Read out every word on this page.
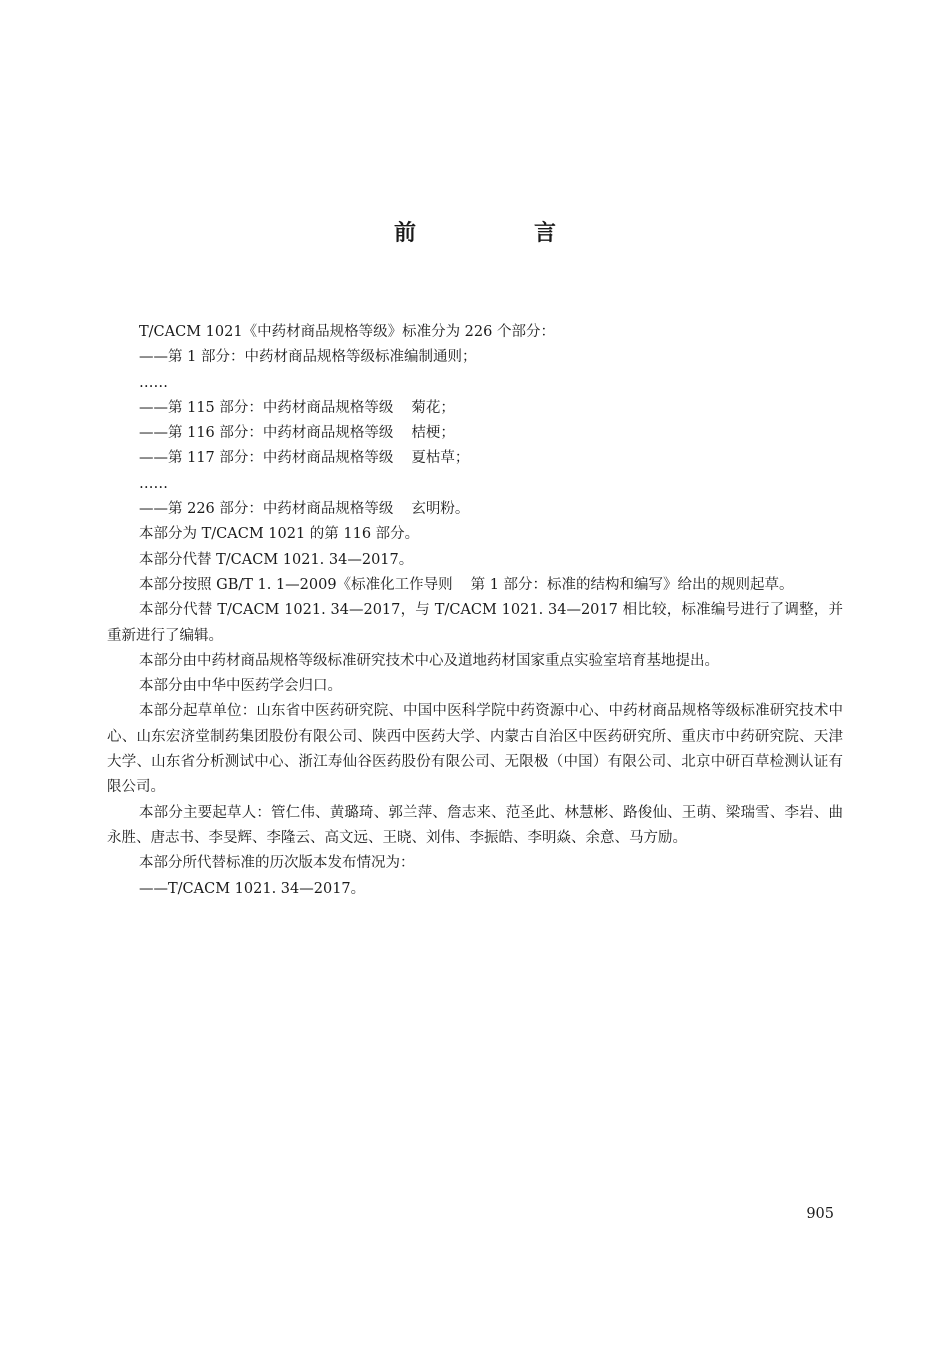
前　言

T/CACM 1021《中药材商品规格等级》标准分为 226 个部分：

——第 1 部分：中药材商品规格等级标准编制通则；

……

——第 115 部分：中药材商品规格等级 菊花；

——第 116 部分：中药材商品规格等级 桔梗；

——第 117 部分：中药材商品规格等级 夏枯草；

……

——第 226 部分：中药材商品规格等级 玄明粉。

本部分为 T/CACM 1021 的第 116 部分。

本部分代替 T/CACM 1021. 34—2017。

本部分按照 GB/T 1. 1—2009《标准化工作导则 第 1 部分：标准的结构和编写》给出的规则起草。

本部分代替 T/CACM 1021. 34—2017，与 T/CACM 1021. 34—2017 相比较，标准编号进行了调整，并重新进行了编辑。

本部分由中药材商品规格等级标准研究技术中心及道地药材国家重点实验室培育基地提出。

本部分由中华中医药学会归口。

本部分起草单位：山东省中医药研究院、中国中医科学院中药资源中心、中药材商品规格等级标准研究技术中心、山东宏济堂制药集团股份有限公司、陕西中医药大学、内蒙古自治区中医药研究所、重庆市中药研究院、天津大学、山东省分析测试中心、浙江寿仙谷医药股份有限公司、无限极（中国）有限公司、北京中研百草检测认证有限公司。

本部分主要起草人：管仁伟、黄璐琦、郭兰萍、詹志来、范圣此、林慧彬、路俊仙、王萌、梁瑞雪、李岩、曲永胜、唐志书、李旻辉、李隆云、高文远、王晓、刘伟、李振皓、李明焱、余意、马方励。

本部分所代替标准的历次版本发布情况为：

——T/CACM 1021. 34—2017。

905
